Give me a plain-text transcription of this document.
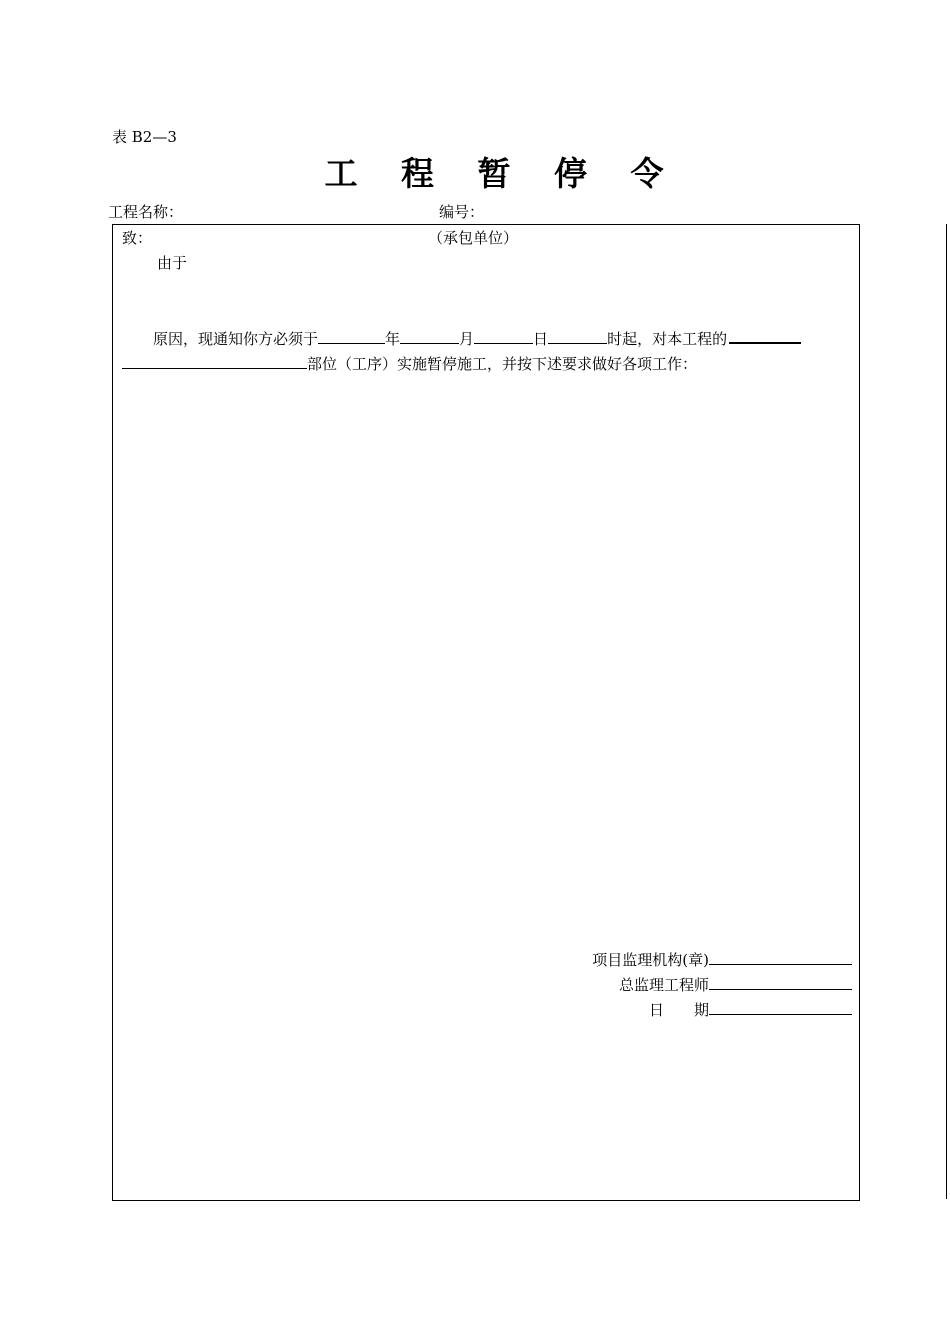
表 B2—3
工 程 暂 停 令
工程名称：	编号：
致：	（承包单位）
由于
原因，现通知你方必须于	年	月	日	时起，对本工程的
部位（工序）实施暂停施工，并按下述要求做好各项工作：
项目监理机构(章)
总监理工程师
日 期
